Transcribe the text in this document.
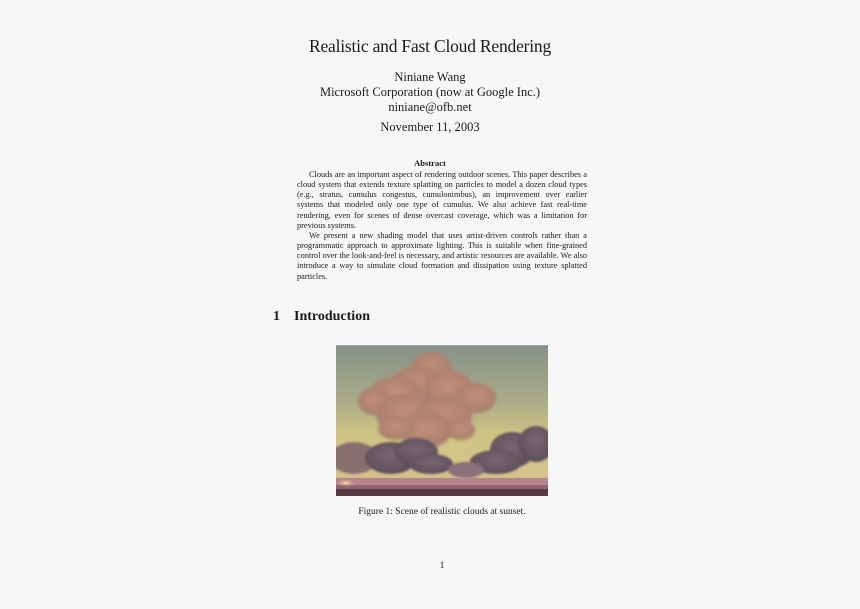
Realistic and Fast Cloud Rendering
Niniane Wang
Microsoft Corporation (now at Google Inc.)
niniane@ofb.net
November 11, 2003
Abstract

Clouds are an important aspect of rendering outdoor scenes. This paper describes a cloud system that extends texture splatting on particles to model a dozen cloud types (e.g., stratus, cumulus congestus, cumulonimbus), an improvement over earlier systems that modeled only one type of cumulus. We also achieve fast real-time rendering, even for scenes of dense overcast coverage, which was a limitation for previous systems.

We present a new shading model that uses artist-driven controls rather than a programmatic approach to approximate lighting. This is suitable when fine-grained control over the look-and-feel is necessary, and artistic resources are available. We also introduce a way to simulate cloud formation and dissipation using texture splatted particles.

1 Introduction
Figure 1: Scene of realistic clouds at sunset.
1
